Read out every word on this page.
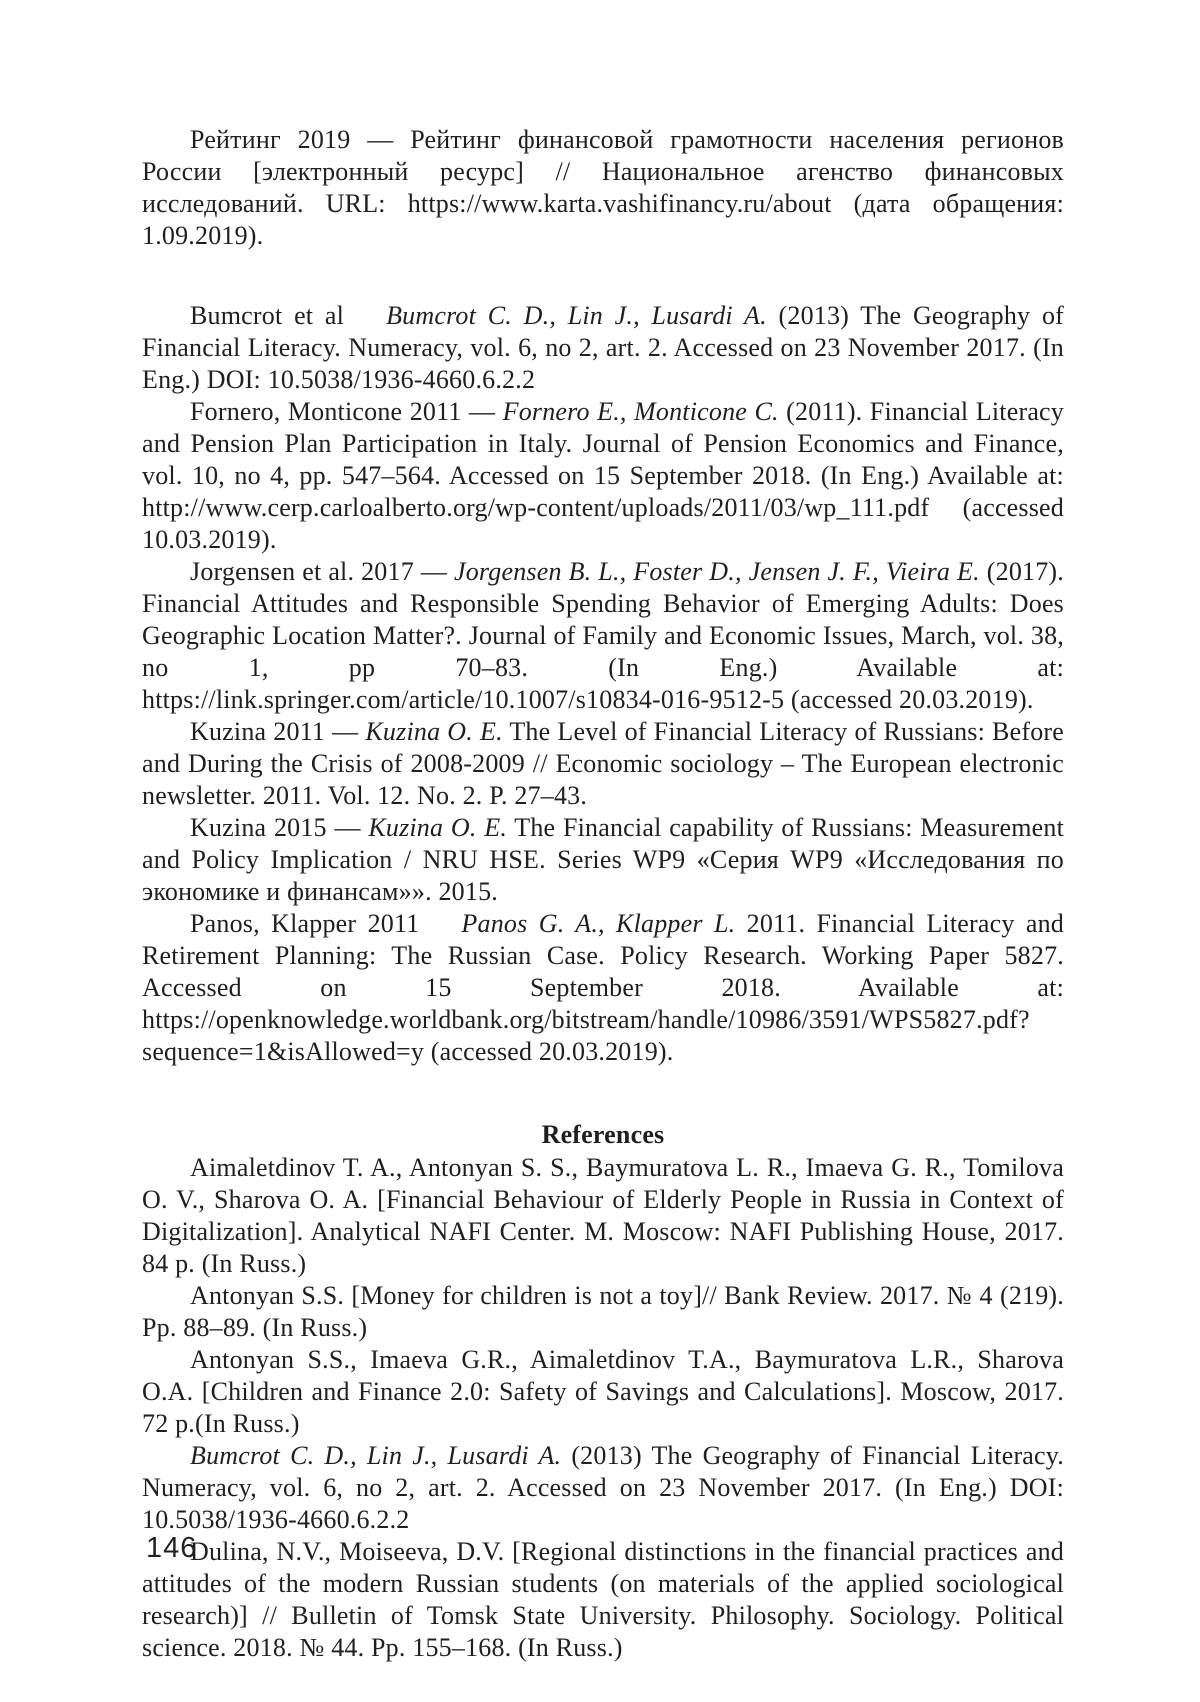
Рейтинг 2019 — Рейтинг финансовой грамотности населения регионов России [электронный ресурс] // Национальное агенство финансовых исследований. URL: https://www.karta.vashifinancy.ru/about (дата обращения: 1.09.2019).

Bumcrot et al Bumcrot C. D., Lin J., Lusardi A. (2013) The Geography of Financial Literacy. Numeracy, vol. 6, no 2, art. 2. Accessed on 23 November 2017. (In Eng.) DOI: 10.5038/1936-4660.6.2.2

Fornero, Monticone 2011 — Fornero E., Monticone C. (2011). Financial Literacy and Pension Plan Participation in Italy. Journal of Pension Economics and Finance, vol. 10, no 4, pp. 547–564. Accessed on 15 September 2018. (In Eng.) Available at: http://www.cerp.carloalberto.org/wp-content/uploads/2011/03/wp_111.pdf (accessed 10.03.2019).

Jorgensen et al. 2017 — Jorgensen B. L., Foster D., Jensen J. F., Vieira E. (2017). Financial Attitudes and Responsible Spending Behavior of Emerging Adults: Does Geographic Location Matter?. Journal of Family and Economic Issues, March, vol. 38, no 1, pp 70–83. (In Eng.) Available at: https://link.springer.com/article/10.1007/s10834-016-9512-5 (accessed 20.03.2019).

Kuzina 2011 — Kuzina O. E. The Level of Financial Literacy of Russians: Before and During the Crisis of 2008-2009 // Economic sociology – The European electronic newsletter. 2011. Vol. 12. No. 2. P. 27–43.

Kuzina 2015 — Kuzina O. E. The Financial capability of Russians: Measurement and Policy Implication / NRU HSE. Series WP9 «Серия WP9 «Исследования по экономике и финансам»». 2015.

Panos, Klapper 2011 Panos G. A., Klapper L. 2011. Financial Literacy and Retirement Planning: The Russian Case. Policy Research. Working Paper 5827. Accessed on 15 September 2018. Available at: https://openknowledge.worldbank.org/bitstream/handle/10986/3591/WPS5827.pdf? sequence=1&isAllowed=y (accessed 20.03.2019).

References

Aimaletdinov T. A., Antonyan S. S., Baymuratova L. R., Imaeva G. R., Tomilova O. V., Sharova O. A. [Financial Behaviour of Elderly People in Russia in Context of Digitalization]. Analytical NAFI Center. M. Moscow: NAFI Publishing House, 2017. 84 p. (In Russ.)

Antonyan S.S. [Money for children is not a toy]// Bank Review. 2017. № 4 (219). Pp. 88–89. (In Russ.)

Antonyan S.S., Imaeva G.R., Aimaletdinov T.A., Baymuratova L.R., Sharova O.A. [Children and Finance 2.0: Safety of Savings and Calculations]. Moscow, 2017. 72 p.(In Russ.)

Bumcrot C. D., Lin J., Lusardi A. (2013) The Geography of Financial Literacy. Numeracy, vol. 6, no 2, art. 2. Accessed on 23 November 2017. (In Eng.) DOI: 10.5038/1936-4660.6.2.2

Dulina, N.V., Moiseeva, D.V. [Regional distinctions in the financial practices and attitudes of the modern Russian students (on materials of the applied sociological research)] // Bulletin of Tomsk State University. Philosophy. Sociology. Political science. 2018. № 44. Pp. 155–168. (In Russ.)

146
